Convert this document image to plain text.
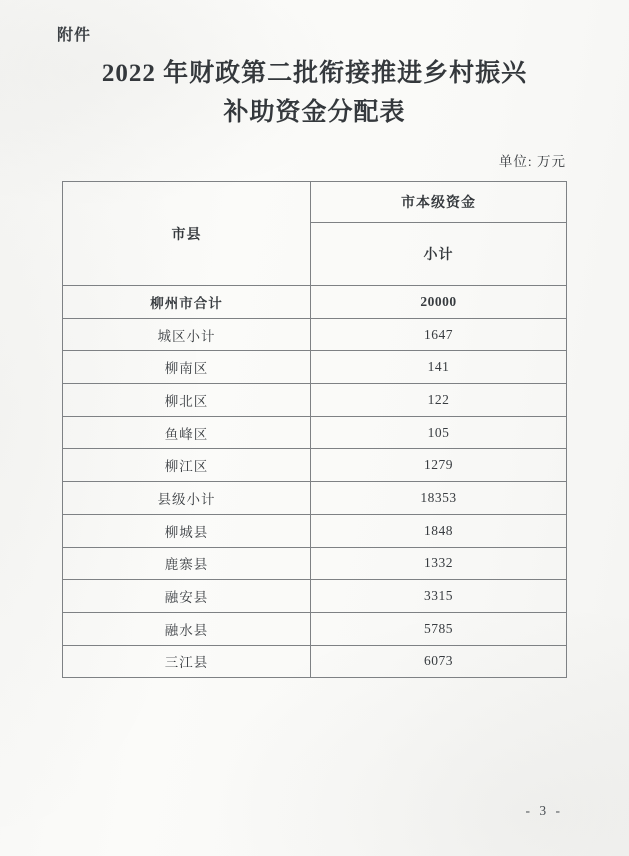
附件
2022 年财政第二批衔接推进乡村振兴
补助资金分配表
单位: 万元
市县	市本级资金
	小计
柳州市合计	20000
城区小计	1647
柳南区	141
柳北区	122
鱼峰区	105
柳江区	1279
县级小计	18353
柳城县	1848
鹿寨县	1332
融安县	3315
融水县	5785
三江县	6073
- 3 -
